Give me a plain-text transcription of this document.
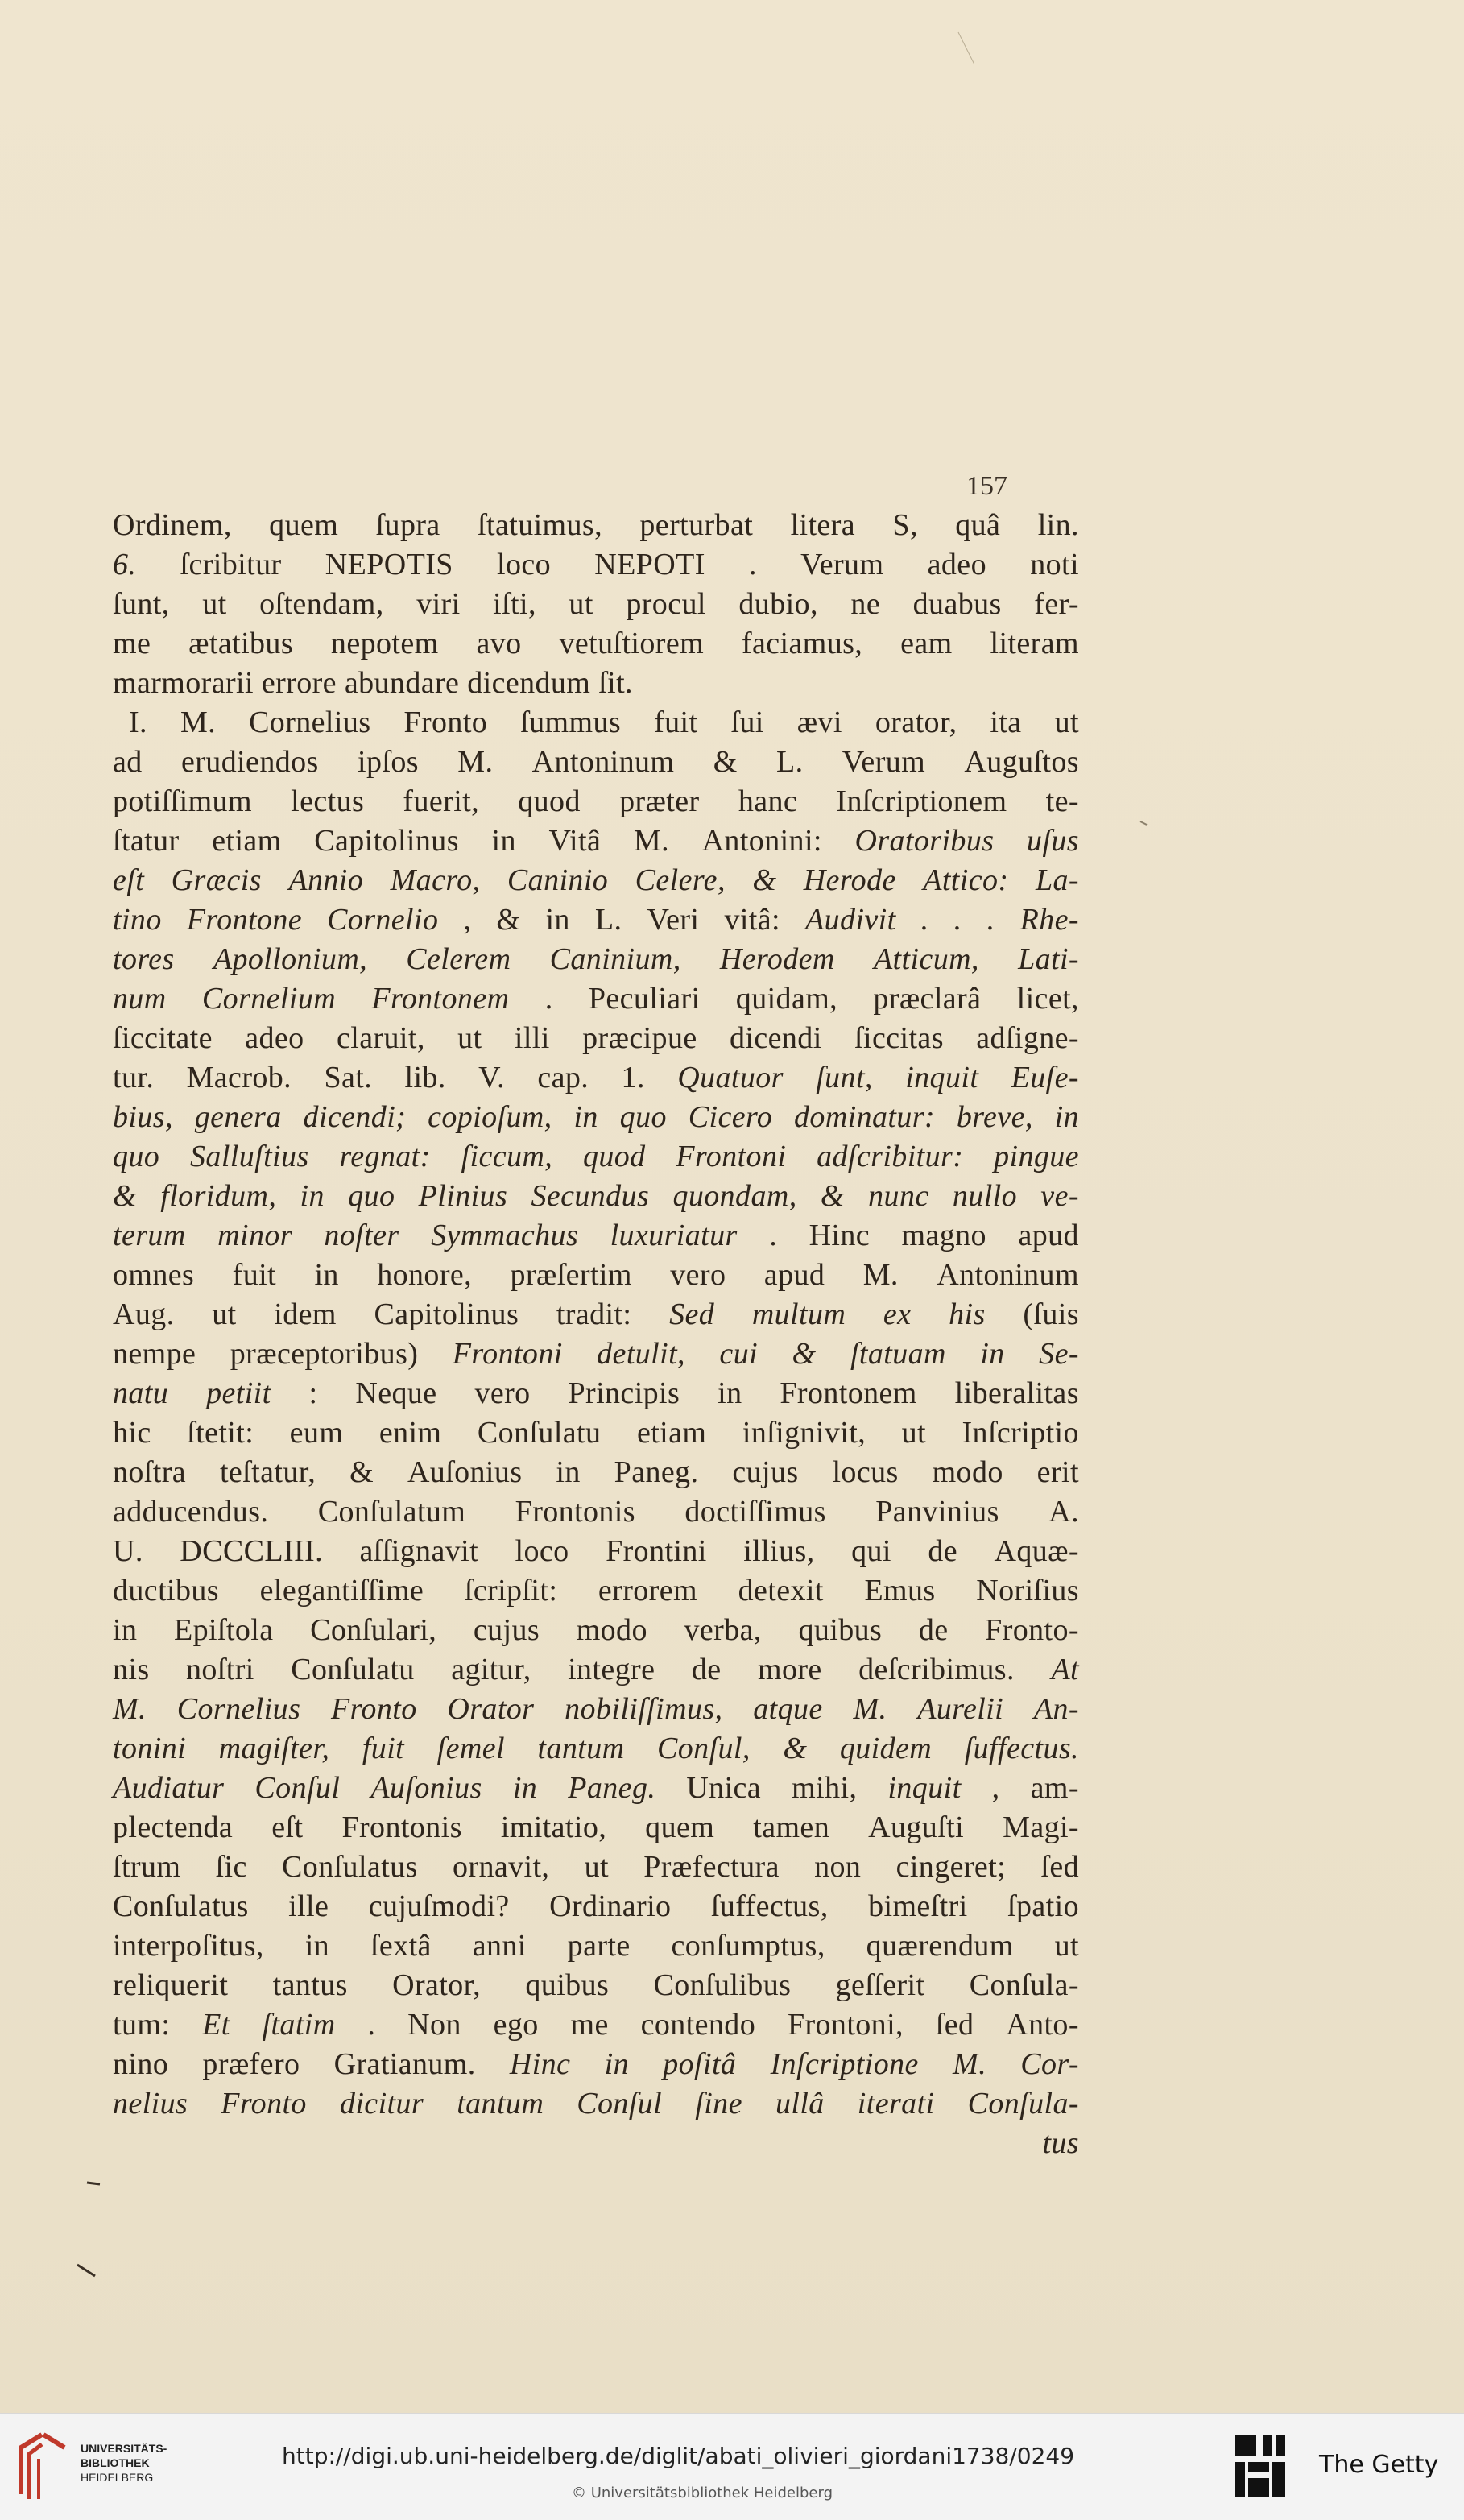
157
Ordinem, quem ſupra ſtatuimus, perturbat litera S, quâ lin.
6. ſcribitur NEPOTIS loco NEPOTI . Verum adeo noti
ſunt, ut oſtendam, viri iſti, ut procul dubio, ne duabus fer-
me ætatibus nepotem avo vetuſtiorem faciamus, eam literam
marmorarii
errore
abundare
dicendum
ſit.
I. M. Cornelius Fronto ſummus fuit ſui ævi orator, ita ut
ad erudiendos ipſos M. Antoninum & L. Verum Auguſtos
potiſſimum lectus fuerit, quod præter hanc Inſcriptionem te-
ſtatur etiam Capitolinus in Vitâ M. Antonini: Oratoribus uſus
eſt Græcis Annio Macro, Caninio Celere, & Herode Attico: La-
tino Frontone Cornelio , & in L. Veri vitâ: Audivit . . . Rhe-
tores Apollonium, Celerem Caninium, Herodem Atticum, Lati-
num Cornelium Frontonem . Peculiari quidam, præclarâ licet,
ſiccitate adeo claruit, ut illi præcipue dicendi ſiccitas adſigne-
tur. Macrob. Sat. lib. V. cap. 1. Quatuor ſunt, inquit Euſe-
bius, genera dicendi; copioſum, in quo Cicero dominatur: breve, in
quo Salluſtius regnat: ſiccum, quod Frontoni adſcribitur: pingue
& floridum, in quo Plinius Secundus quondam, & nunc nullo ve-
terum minor noſter Symmachus luxuriatur . Hinc magno apud
omnes fuit in honore, præſertim vero apud M. Antoninum
Aug. ut idem Capitolinus tradit: Sed multum ex his (ſuis
nempe præceptoribus) Frontoni detulit, cui & ſtatuam in Se-
natu petiit : Neque vero Principis in Frontonem liberalitas
hic ſtetit: eum enim Conſulatu etiam inſignivit, ut Inſcriptio
noſtra teſtatur, & Auſonius in Paneg. cujus locus modo erit
adducendus. Conſulatum Frontonis doctiſſimus Panvinius A.
U. DCCCLIII. aſſignavit loco Frontini illius, qui de Aquæ-
ductibus elegantiſſime ſcripſit: errorem detexit Emus Noriſius
in Epiſtola Conſulari, cujus modo verba, quibus de Fronto-
nis noſtri Conſulatu agitur, integre de more deſcribimus. At
M. Cornelius Fronto Orator nobiliſſimus, atque M. Aurelii An-
tonini magiſter, fuit ſemel tantum Conſul, & quidem ſuffectus.
Audiatur Conſul Auſonius in Paneg. Unica mihi, inquit , am-
plectenda eſt Frontonis imitatio, quem tamen Auguſti Magi-
ſtrum ſic Conſulatus ornavit, ut Præfectura non cingeret; ſed
Conſulatus ille cujuſmodi? Ordinario ſuffectus, bimeſtri ſpatio
interpoſitus, in ſextâ anni parte conſumptus, quærendum ut
reliquerit tantus Orator, quibus Conſulibus geſſerit Conſula-
tum: Et ſtatim . Non ego me contendo Frontoni, ſed Anto-
nino præfero Gratianum. Hinc in poſitâ Inſcriptione M. Cor-
nelius Fronto dicitur tantum Conſul ſine ullâ iterati Conſula-
tus
UNIVERSITÄTS-
BIBLIOTHEK
HEIDELBERG
http://digi.ub.uni-heidelberg.de/diglit/abati_olivieri_giordani1738/0249
© Universitätsbibliothek Heidelberg
The Getty
